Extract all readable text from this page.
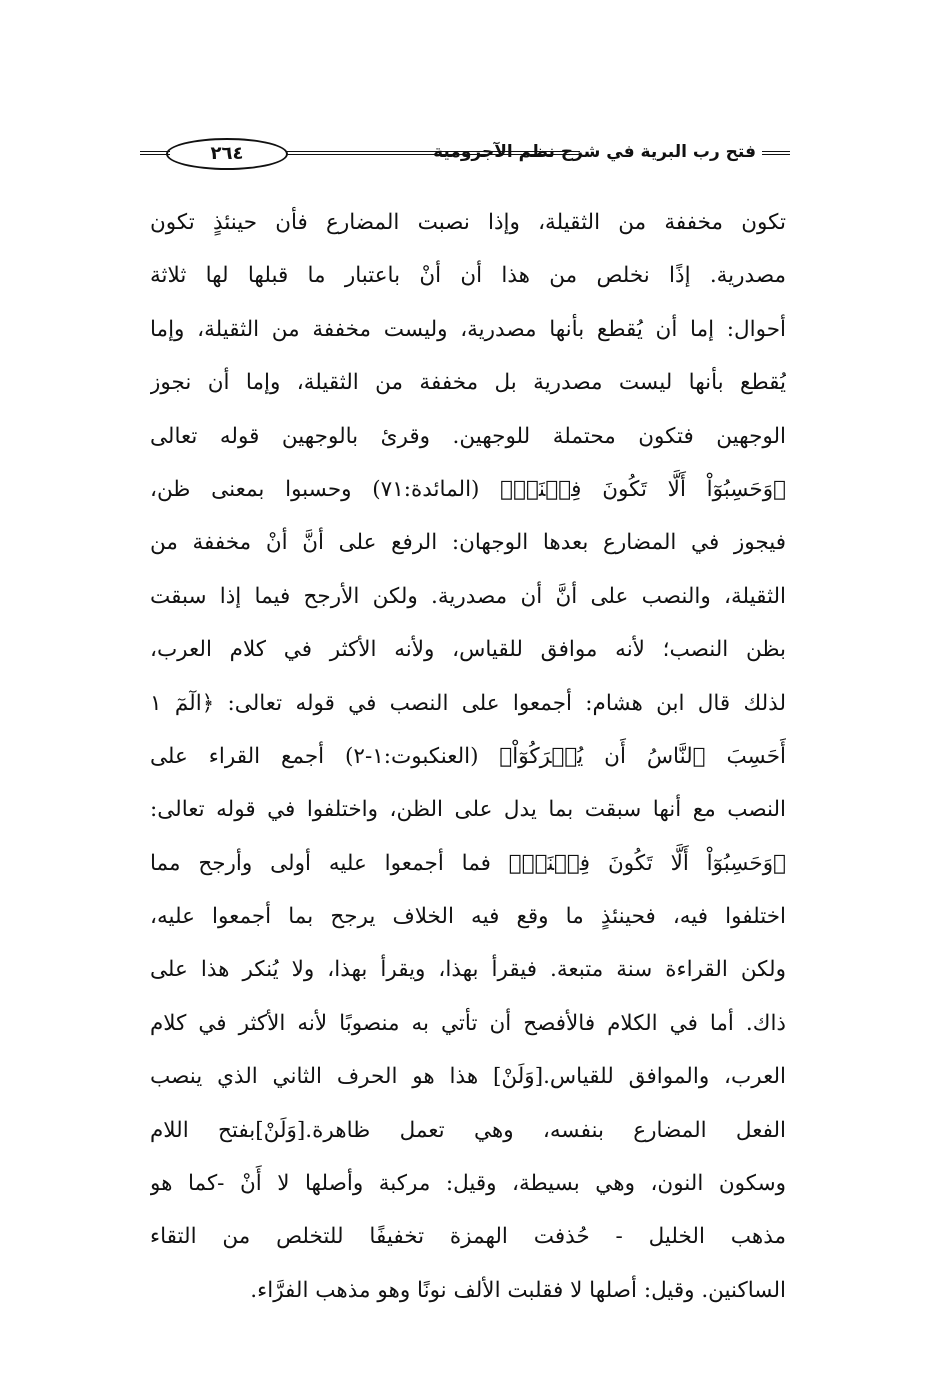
فتح رب البرية في شرح نظم الآجرومية
٢٦٤
تكون مخففة من الثقيلة، وإذا نصبت المضارع فأن حينئذٍ تكون
مصدرية. إذًا نخلص من هذا أن أنْ باعتبار ما قبلها لها ثلاثة
أحوال: إما أن يُقطع بأنها مصدرية، وليست مخففة من الثقيلة، وإما
يُقطع بأنها ليست مصدرية بل مخففة من الثقيلة، وإما أن نجوز
الوجهين فتكون محتملة للوجهين. وقرئ بالوجهين قوله تعالى
﴿وَحَسِبُوٓاْ أَلَّا تَكُونَ فِتۡنَةٞ﴾ (المائدة:٧١) وحسبوا بمعنى ظن،
فيجوز في المضارع بعدها الوجهان: الرفع على أنَّ أنْ مخففة من
الثقيلة، والنصب على أنَّ أن مصدرية. ولكن الأرجح فيما إذا سبقت
بظن النصب؛ لأنه موافق للقياس، ولأنه الأكثر في كلام العرب،
لذلك قال ابن هشام: أجمعوا على النصب في قوله تعالى: ﴿الٓمٓ ١
أَحَسِبَ ٱلنَّاسُ أَن يُتۡرَكُوٓاْ﴾ (العنكبوت:١-٢) أجمع القراء على
النصب مع أنها سبقت بما يدل على الظن، واختلفوا في قوله تعالى:
﴿وَحَسِبُوٓاْ أَلَّا تَكُونَ فِتۡنَةٞ﴾ فما أجمعوا عليه أولى وأرجح مما
اختلفوا فيه، فحينئذٍ ما وقع فيه الخلاف يرجح بما أجمعوا عليه،
ولكن القراءة سنة متبعة. فيقرأ بهذا، ويقرأ بهذا، ولا يُنكر هذا على
ذاك. أما في الكلام فالأفصح أن تأتي به منصوبًا لأنه الأكثر في كلام
العرب، والموافق للقياس.[وَلَنْ] هذا هو الحرف الثاني الذي ينصب
الفعل المضارع بنفسه، وهي تعمل ظاهرة.[وَلَنْ]بفتح اللام
وسكون النون، وهي بسيطة، وقيل: مركبة وأصلها لا أَنْ -كما هو
مذهب الخليل - حُذفت الهمزة تخفيفًا للتخلص من التقاء
الساكنين. وقيل: أصلها لا فقلبت الألف نونًا وهو مذهب الفرَّاء.
